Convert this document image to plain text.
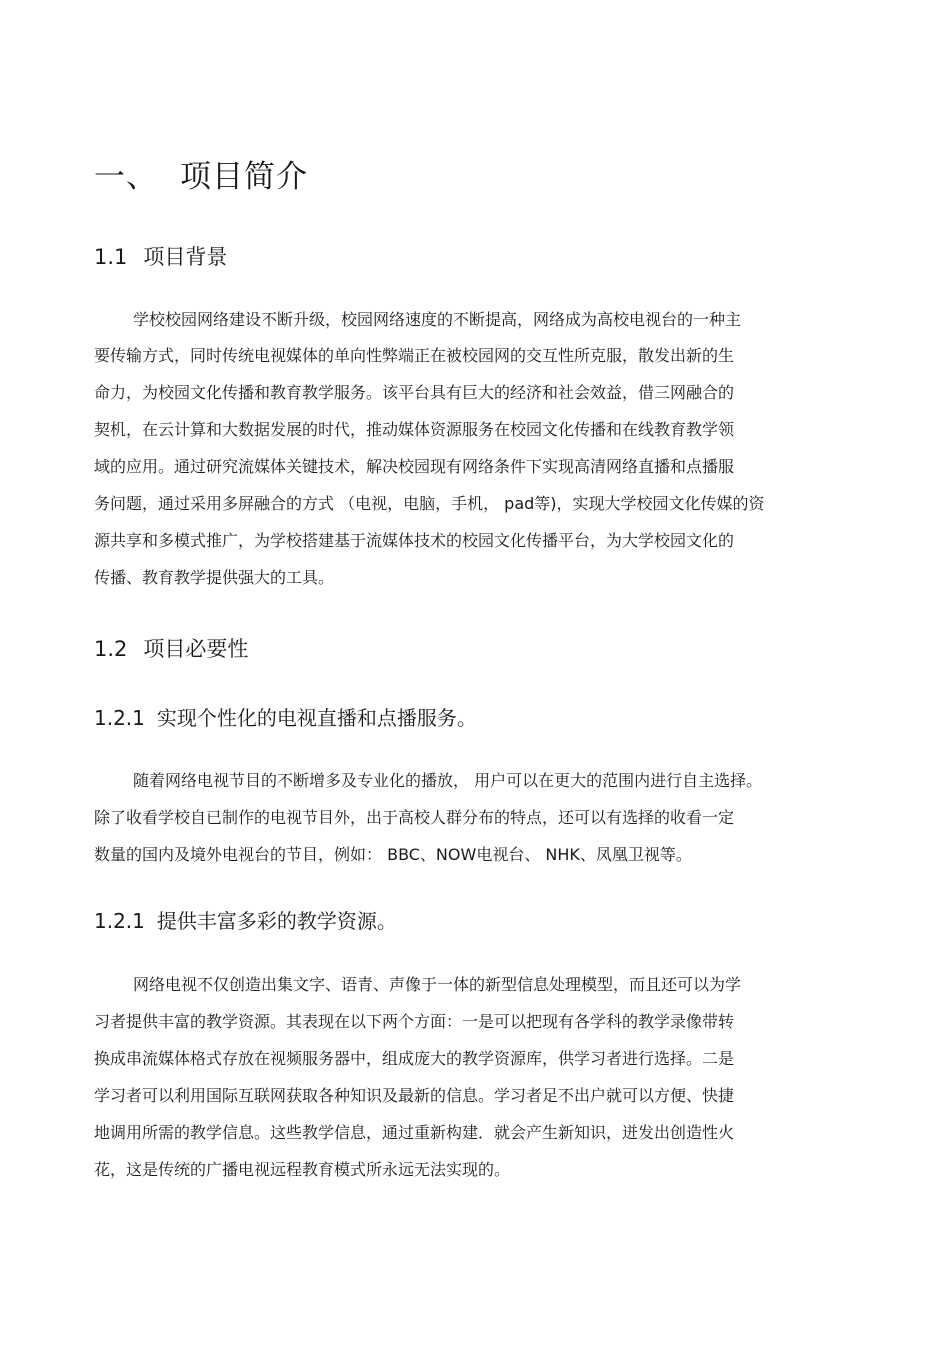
一、 项目简介
1.1 项目背景
学校校园网络建设不断升级，校园网络速度的不断提高，网络成为高校电视台的一种主
要传输方式，同时传统电视媒体的单向性弊端正在被校园网的交互性所克服，散发出新的生
命力，为校园文化传播和教育教学服务。该平台具有巨大的经济和社会效益，借三网融合的
契机，在云计算和大数据发展的时代，推动媒体资源服务在校园文化传播和在线教育教学领
域的应用。通过研究流媒体关键技术，解决校园现有网络条件下实现高清网络直播和点播服
务问题，通过采用多屏融合的方式 （电视，电脑，手机， pad等)，实现大学校园文化传媒的资
源共享和多模式推广，为学校搭建基于流媒体技术的校园文化传播平台，为大学校园文化的
传播、教育教学提供强大的工具。
1.2 项目必要性
1.2.1 实现个性化的电视直播和点播服务。
随着网络电视节目的不断增多及专业化的播放， 用户可以在更大的范围内进行自主选择。
除了收看学校自已制作的电视节目外，出于高校人群分布的特点，还可以有选择的收看一定
数量的国内及境外电视台的节目，例如： BBC、NOW电视台、 NHK、凤凰卫视等。
1.2.1 提供丰富多彩的教学资源。
网络电视不仅创造出集文字、语青、声像于一体的新型信息处理模型，而且还可以为学
习者提供丰富的教学资源。其表现在以下两个方面：一是可以把现有各学科的教学录像带转
换成串流媒体格式存放在视频服务器中，组成庞大的教学资源库，供学习者进行选择。二是
学习者可以利用国际互联网获取各种知识及最新的信息。学习者足不出户就可以方便、快捷
地调用所需的教学信息。这些教学信息，通过重新构建．就会产生新知识，迸发出创造性火
花，这是传统的广播电视远程教育模式所永远无法实现的。
